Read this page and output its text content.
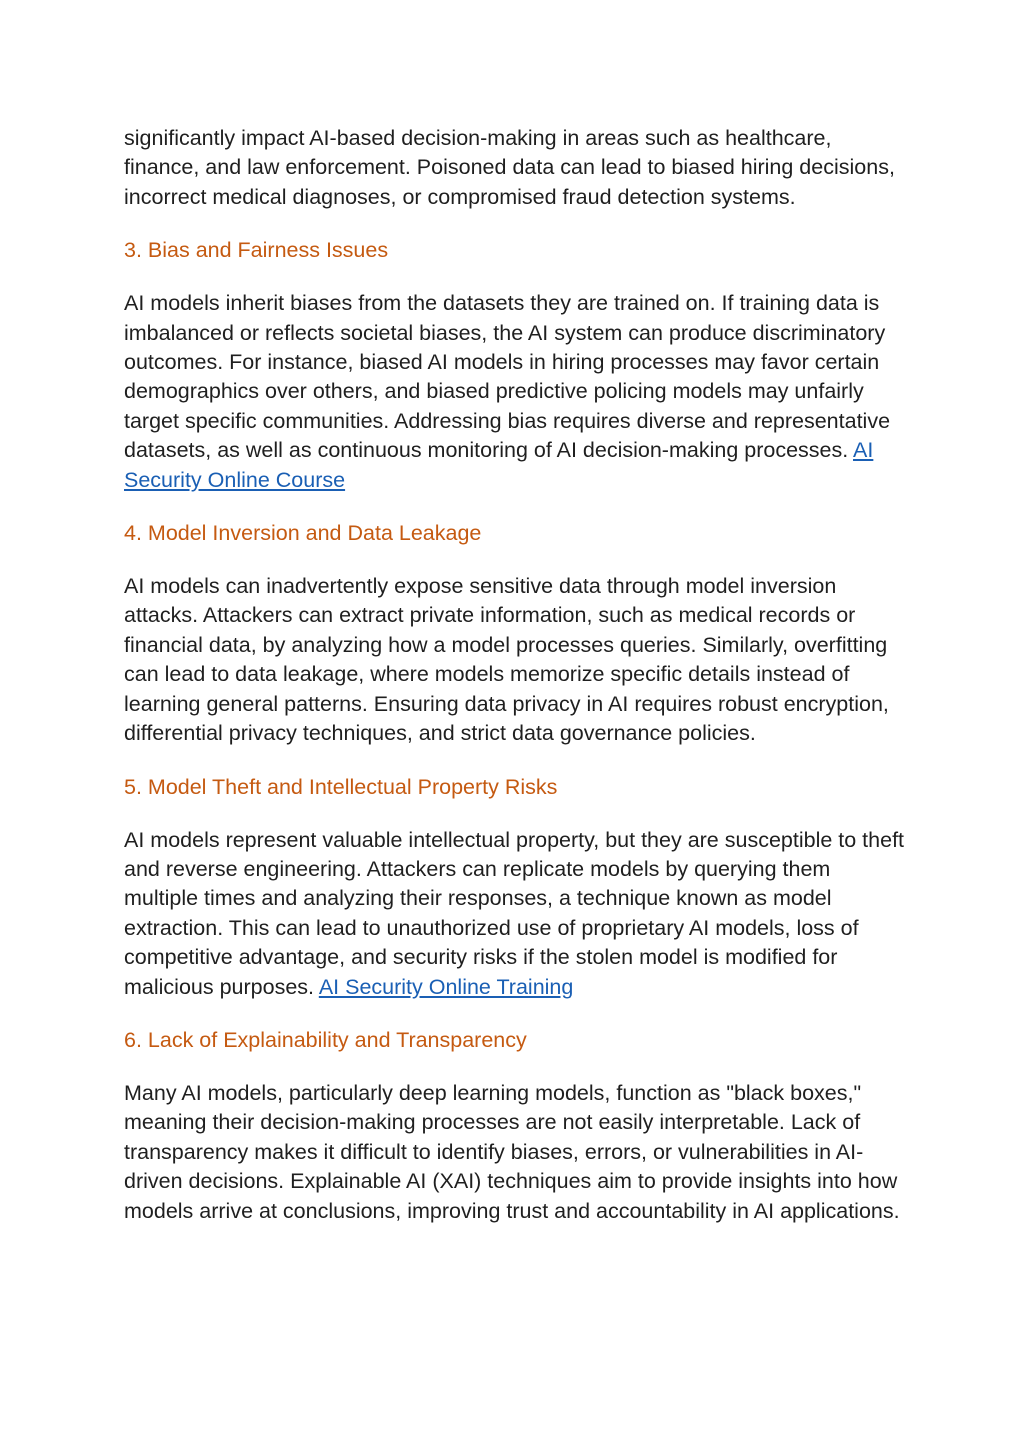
significantly impact AI-based decision-making in areas such as healthcare, finance, and law enforcement. Poisoned data can lead to biased hiring decisions, incorrect medical diagnoses, or compromised fraud detection systems.

3. Bias and Fairness Issues

AI models inherit biases from the datasets they are trained on. If training data is imbalanced or reflects societal biases, the AI system can produce discriminatory outcomes. For instance, biased AI models in hiring processes may favor certain demographics over others, and biased predictive policing models may unfairly target specific communities. Addressing bias requires diverse and representative datasets, as well as continuous monitoring of AI decision-making processes. AI Security Online Course

4. Model Inversion and Data Leakage

AI models can inadvertently expose sensitive data through model inversion attacks. Attackers can extract private information, such as medical records or financial data, by analyzing how a model processes queries. Similarly, overfitting can lead to data leakage, where models memorize specific details instead of learning general patterns. Ensuring data privacy in AI requires robust encryption, differential privacy techniques, and strict data governance policies.

5. Model Theft and Intellectual Property Risks

AI models represent valuable intellectual property, but they are susceptible to theft and reverse engineering. Attackers can replicate models by querying them multiple times and analyzing their responses, a technique known as model extraction. This can lead to unauthorized use of proprietary AI models, loss of competitive advantage, and security risks if the stolen model is modified for malicious purposes. AI Security Online Training

6. Lack of Explainability and Transparency

Many AI models, particularly deep learning models, function as "black boxes," meaning their decision-making processes are not easily interpretable. Lack of transparency makes it difficult to identify biases, errors, or vulnerabilities in AI-driven decisions. Explainable AI (XAI) techniques aim to provide insights into how models arrive at conclusions, improving trust and accountability in AI applications.
